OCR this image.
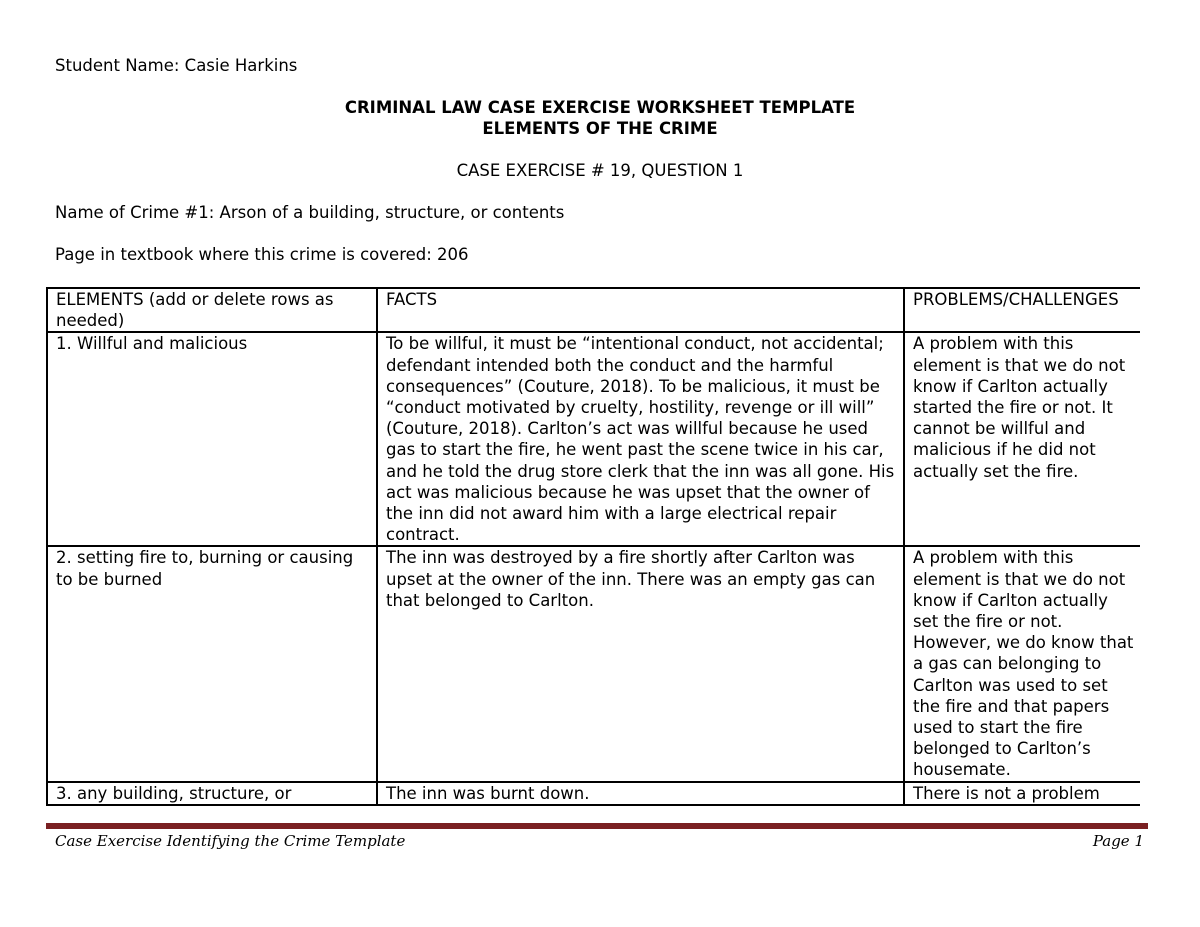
Student Name: Casie Harkins
CRIMINAL LAW CASE EXERCISE WORKSHEET TEMPLATE
ELEMENTS OF THE CRIME
CASE EXERCISE # 19, QUESTION 1
Name of Crime #1: Arson of a building, structure, or contents
Page in textbook where this crime is covered: 206
ELEMENTS (add or delete rows as needed)	FACTS	PROBLEMS/CHALLENGES
1. Willful and malicious	To be willful, it must be “intentional conduct, not accidental; defendant intended both the conduct and the harmful consequences” (Couture, 2018). To be malicious, it must be “conduct motivated by cruelty, hostility, revenge or ill will” (Couture, 2018). Carlton’s act was willful because he used gas to start the fire, he went past the scene twice in his car, and he told the drug store clerk that the inn was all gone. His act was malicious because he was upset that the owner of the inn did not award him with a large electrical repair contract.	A problem with this element is that we do not know if Carlton actually started the fire or not. It cannot be willful and malicious if he did not actually set the fire.
2. setting fire to, burning or causing to be burned	The inn was destroyed by a fire shortly after Carlton was upset at the owner of the inn. There was an empty gas can that belonged to Carlton.	A problem with this element is that we do not know if Carlton actually set the fire or not. However, we do know that a gas can belonging to Carlton was used to set the fire and that papers used to start the fire belonged to Carlton’s housemate.
3. any building, structure, or	The inn was burnt down.	There is not a problem
Case Exercise Identifying the Crime Template	Page 1
